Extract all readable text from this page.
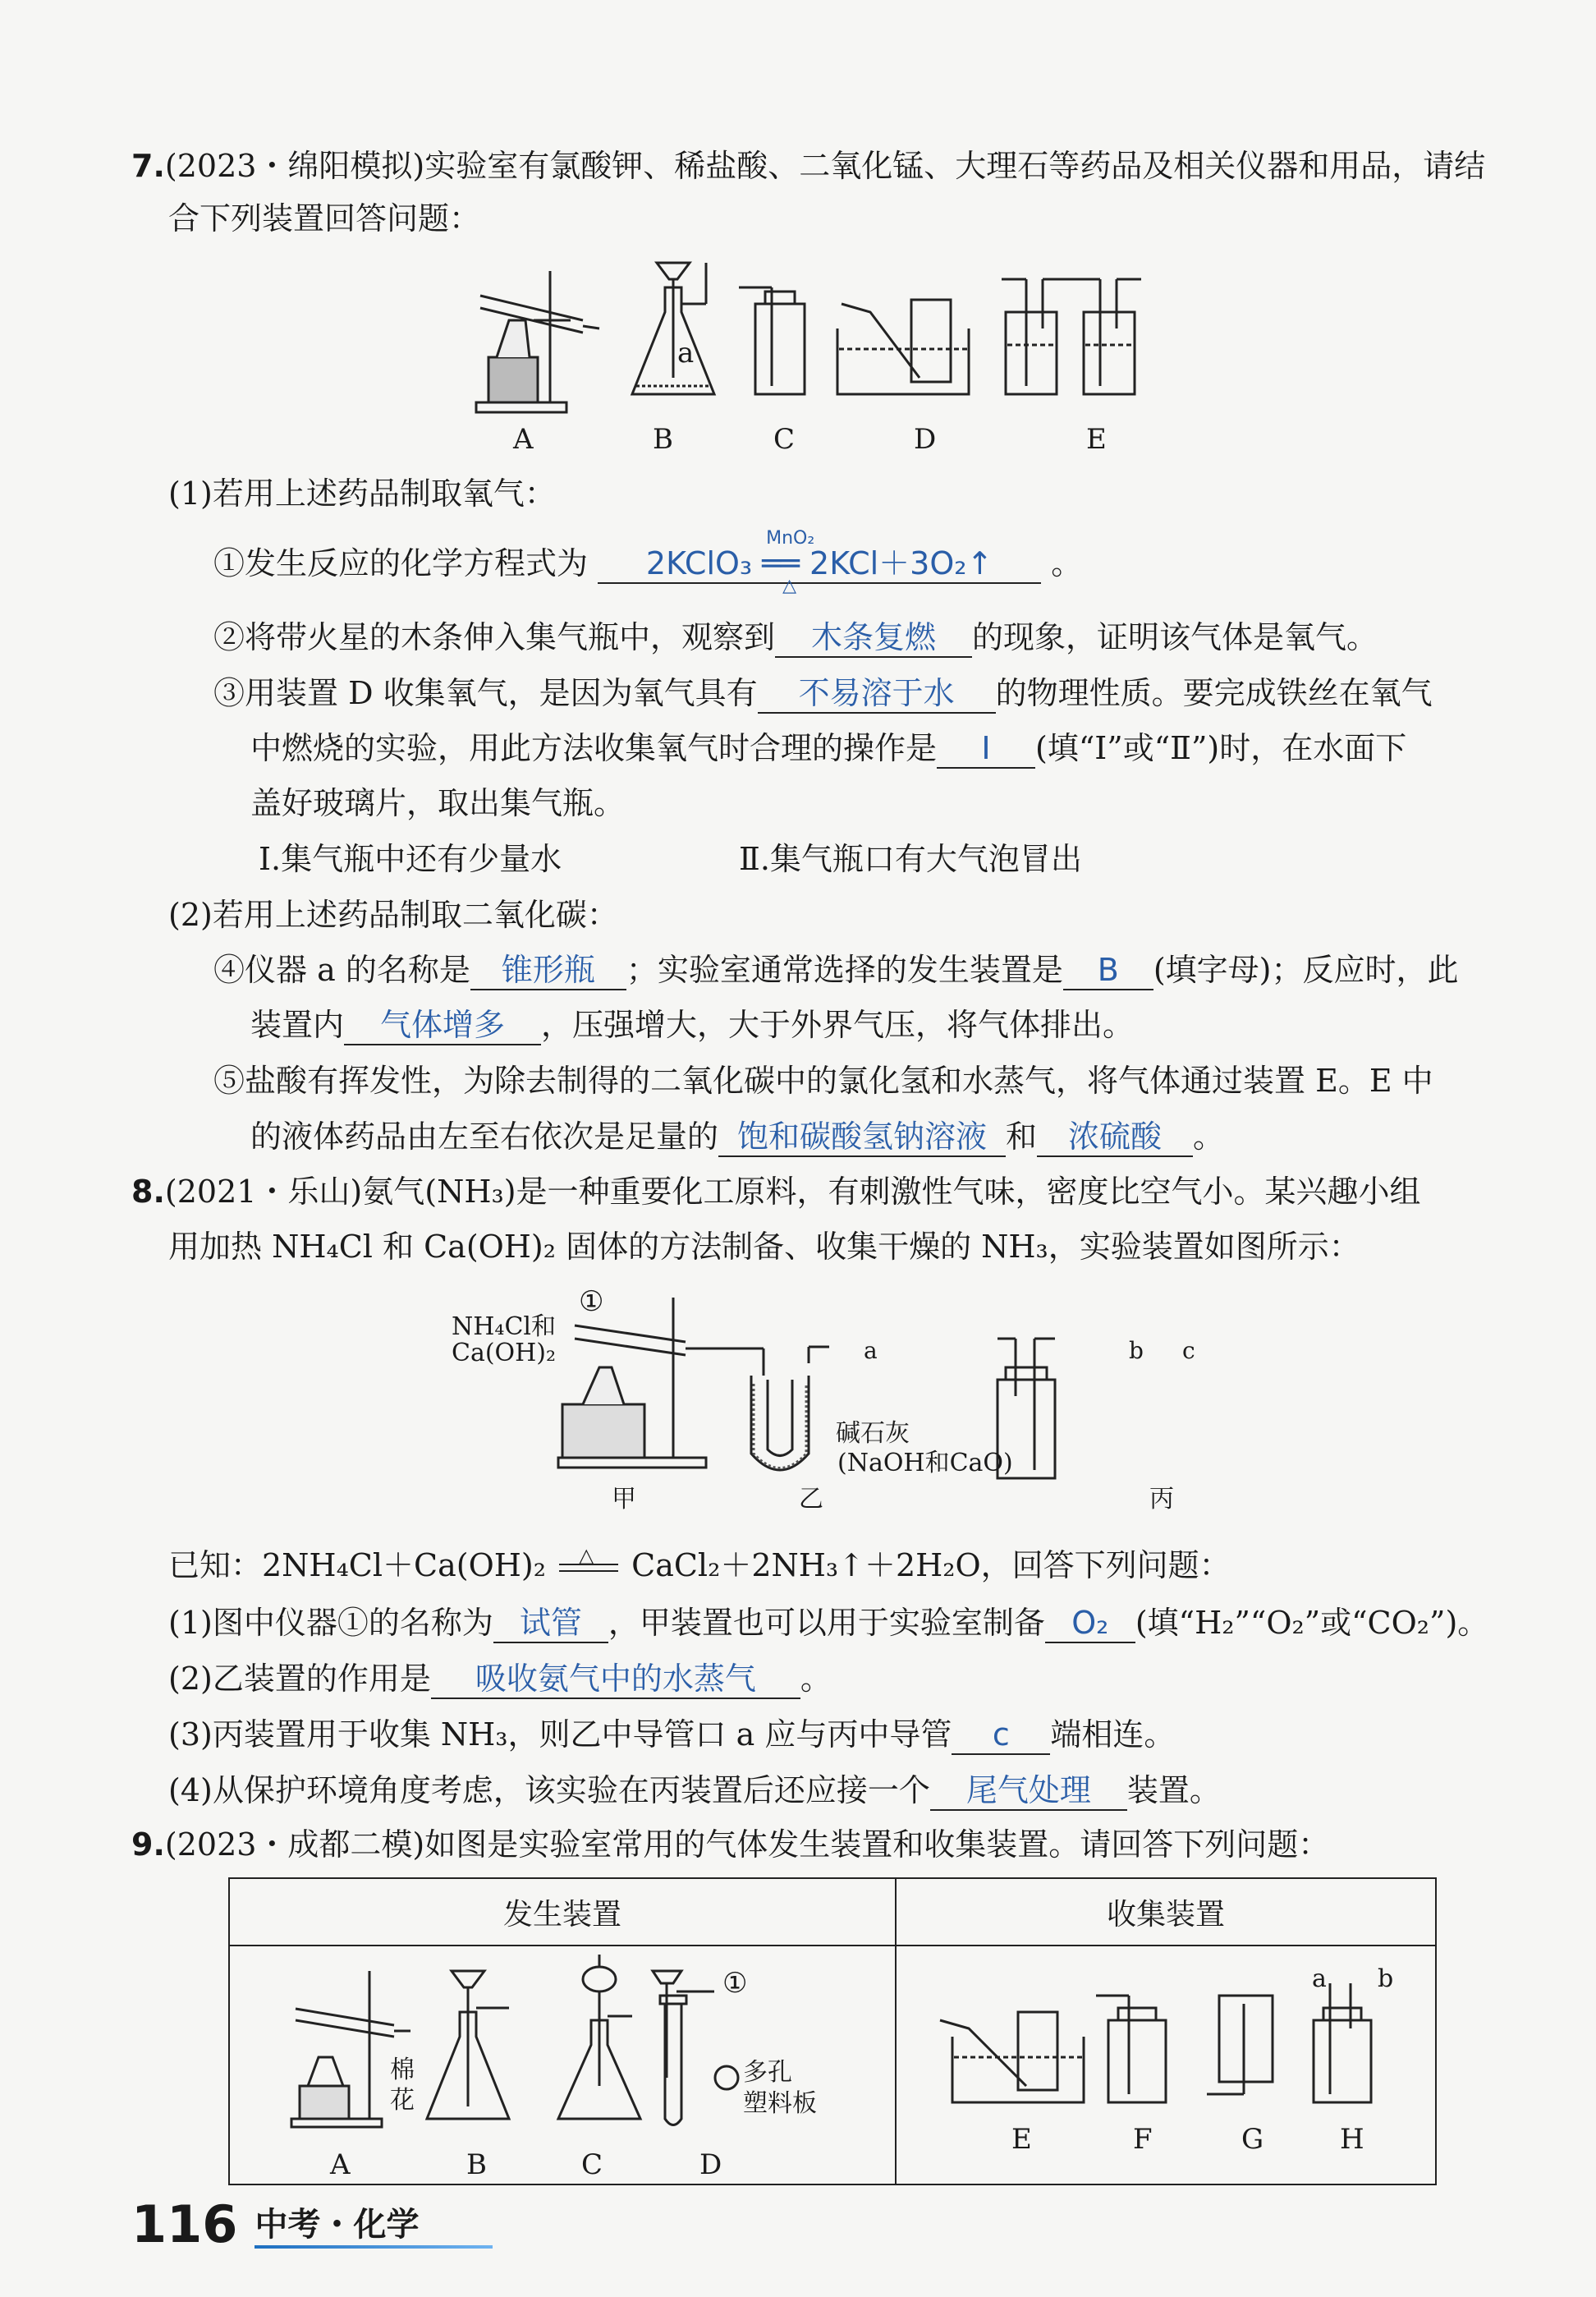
7.(2023・绵阳模拟)实验室有氯酸钾、稀盐酸、二氧化锰、大理石等药品及相关仪器和用品，请结
合下列装置回答问题：
a
A	B	C	D	E
(1)若用上述药品制取氧气：
①发生反应的化学方程式为
MnO₂
△
2KClO₃ ══ 2KCl＋3O₂↑ 。
②将带火星的木条伸入集气瓶中，观察到 木条复燃 的现象，证明该气体是氧气。
③用装置 D 收集氧气，是因为氧气具有 不易溶于水 的物理性质。要完成铁丝在氧气
中燃烧的实验，用此方法收集氧气时合理的操作是 Ⅰ (填“Ⅰ”或“Ⅱ”)时，在水面下
盖好玻璃片，取出集气瓶。
Ⅰ.集气瓶中还有少量水	Ⅱ.集气瓶口有大气泡冒出
(2)若用上述药品制取二氧化碳：
④仪器 a 的名称是 锥形瓶 ；实验室通常选择的发生装置是 B (填字母)；反应时，此
装置内 气体增多 ，压强增大，大于外界气压，将气体排出。
⑤盐酸有挥发性，为除去制得的二氧化碳中的氯化氢和水蒸气，将气体通过装置 E。E 中
的液体药品由左至右依次是足量的 饱和碳酸氢钠溶液 和 浓硫酸 。
8.(2021・乐山)氨气(NH₃)是一种重要化工原料，有刺激性气味，密度比空气小。某兴趣小组
用加热 NH₄Cl 和 Ca(OH)₂ 固体的方法制备、收集干燥的 NH₃，实验装置如图所示：
NH₄Cl和
Ca(OH)₂
①
a
碱石灰
(NaOH和CaO)
b c
甲	乙	丙
已知：2NH₄Cl＋Ca(OH)₂ △ CaCl₂＋2NH₃↑＋2H₂O，回答下列问题：
(1)图中仪器①的名称为 试管 ，甲装置也可以用于实验室制备 O₂ (填“H₂”“O₂”或“CO₂”)。
(2)乙装置的作用是 吸收氨气中的水蒸气 。
(3)丙装置用于收集 NH₃，则乙中导管口 a 应与丙中导管 c 端相连。
(4)从保护环境角度考虑，该实验在丙装置后还应接一个 尾气处理 装置。
9.(2023・成都二模)如图是实验室常用的气体发生装置和收集装置。请回答下列问题：
发生装置	收集装置

棉
花
①
多孔
塑料板
A	B	C	D
a b
E	F	G	H
116 中考・化学
